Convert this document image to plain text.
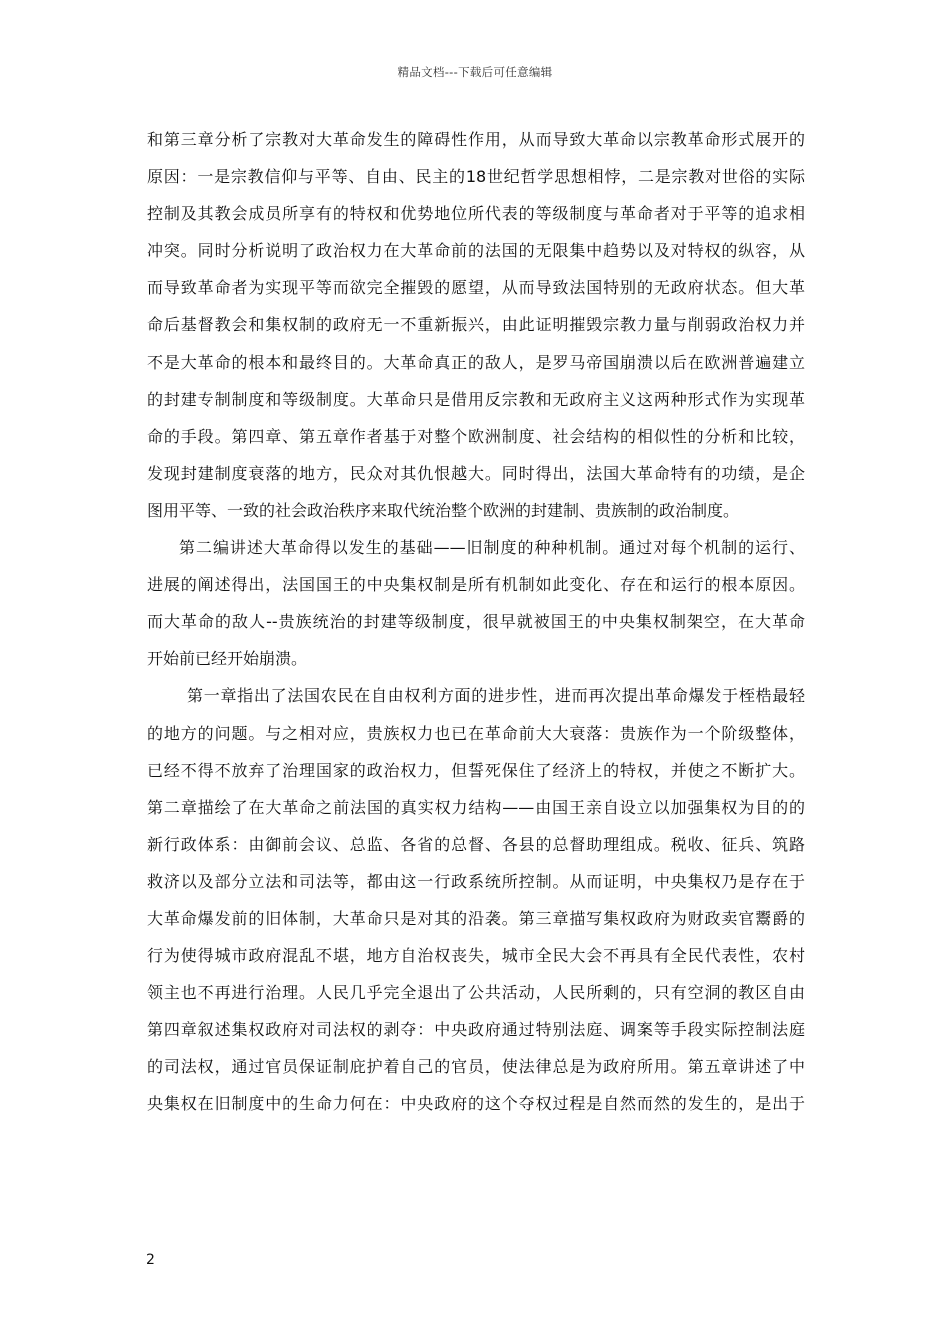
精品文档---下载后可任意编辑
和第三章分析了宗教对大革命发生的障碍性作用，从而导致大革命以宗教革命形式展开的
原因：一是宗教信仰与平等、自由、民主的18世纪哲学思想相悖，二是宗教对世俗的实际
控制及其教会成员所享有的特权和优势地位所代表的等级制度与革命者对于平等的追求相
冲突。同时分析说明了政治权力在大革命前的法国的无限集中趋势以及对特权的纵容，从
而导致革命者为实现平等而欲完全摧毁的愿望，从而导致法国特别的无政府状态。但大革
命后基督教会和集权制的政府无一不重新振兴，由此证明摧毁宗教力量与削弱政治权力并
不是大革命的根本和最终目的。大革命真正的敌人，是罗马帝国崩溃以后在欧洲普遍建立
的封建专制制度和等级制度。大革命只是借用反宗教和无政府主义这两种形式作为实现革
命的手段。第四章、第五章作者基于对整个欧洲制度、社会结构的相似性的分析和比较，
发现封建制度衰落的地方，民众对其仇恨越大。同时得出，法国大革命特有的功绩，是企
图用平等、一致的社会政治秩序来取代统治整个欧洲的封建制、贵族制的政治制度。
第二编讲述大革命得以发生的基础——旧制度的种种机制。通过对每个机制的运行、
进展的阐述得出，法国国王的中央集权制是所有机制如此变化、存在和运行的根本原因。
而大革命的敌人--贵族统治的封建等级制度，很早就被国王的中央集权制架空，在大革命
开始前已经开始崩溃。
第一章指出了法国农民在自由权利方面的进步性，进而再次提出革命爆发于桎梏最轻
的地方的问题。与之相对应，贵族权力也已在革命前大大衰落：贵族作为一个阶级整体，
已经不得不放弃了治理国家的政治权力，但誓死保住了经济上的特权，并使之不断扩大。
第二章描绘了在大革命之前法国的真实权力结构——由国王亲自设立以加强集权为目的的
新行政体系：由御前会议、总监、各省的总督、各县的总督助理组成。税收、征兵、筑路
救济以及部分立法和司法等，都由这一行政系统所控制。从而证明，中央集权乃是存在于
大革命爆发前的旧体制，大革命只是对其的沿袭。第三章描写集权政府为财政卖官鬻爵的
行为使得城市政府混乱不堪，地方自治权丧失，城市全民大会不再具有全民代表性，农村
领主也不再进行治理。人民几乎完全退出了公共活动，人民所剩的，只有空洞的教区自由
第四章叙述集权政府对司法权的剥夺：中央政府通过特别法庭、调案等手段实际控制法庭
的司法权，通过官员保证制庇护着自己的官员，使法律总是为政府所用。第五章讲述了中
央集权在旧制度中的生命力何在：中央政府的这个夺权过程是自然而然的发生的，是出于
2
